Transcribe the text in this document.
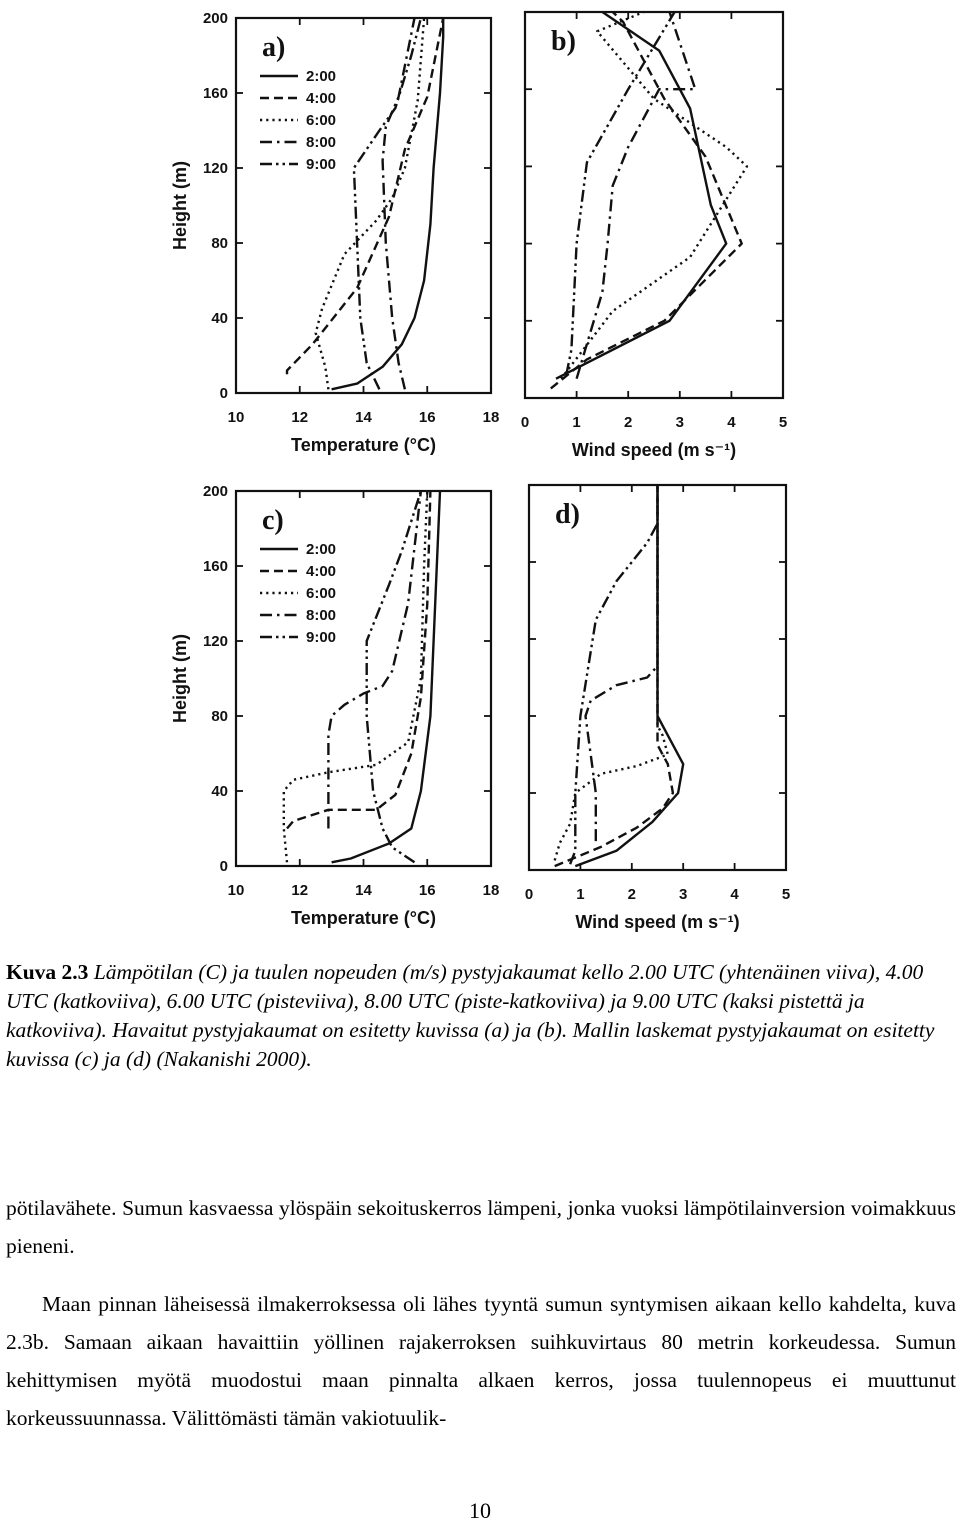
10	12	14	16	18
0
40
80
120
160
200
Temperature (°C)
Height (m)
a)
2:00
4:00
6:00
8:00
9:00
0	1	2	3	4	5
Wind speed (m s⁻¹)
b)
10	12	14	16	18
0
40
80
120
160
200
Temperature (°C)
Height (m)
c)
2:00
4:00
6:00
8:00
9:00
0	1	2	3	4	5
Wind speed (m s⁻¹)
d)
Kuva 2.3 Lämpötilan (C) ja tuulen nopeuden (m/s) pystyjakaumat kello 2.00 UTC (yhtenäinen viiva), 4.00 UTC (katkoviiva), 6.00 UTC (pisteviiva), 8.00 UTC (piste-katkoviiva) ja 9.00 UTC (kaksi pistettä ja katkoviiva). Havaitut pystyjakaumat on esitetty kuvissa (a) ja (b). Mallin laskemat pystyjakaumat on esitetty kuvissa (c) ja (d) (Nakanishi 2000).
pötilavähete. Sumun kasvaessa ylöspäin sekoituskerros lämpeni, jonka vuoksi lämpötilainversion voimakkuus pieneni.
Maan pinnan läheisessä ilmakerroksessa oli lähes tyyntä sumun syntymisen aikaan kello kahdelta, kuva 2.3b. Samaan aikaan havaittiin yöllinen rajakerroksen suihkuvirtaus 80 metrin korkeudessa. Sumun kehittymisen myötä muodostui maan pinnalta alkaen kerros, jossa tuulennopeus ei muuttunut korkeussuunnassa. Välittömästi tämän vakiotuulik-
10
